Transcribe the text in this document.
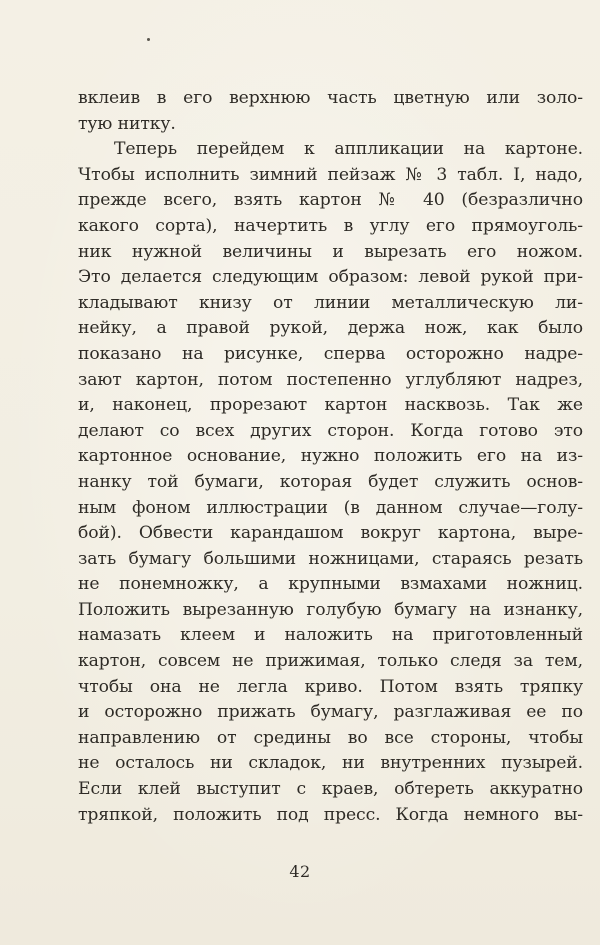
вклеив в его верхнюю часть цветную или золо-
тую нитку.
Теперь перейдем к аппликации на картоне.
Чтобы исполнить зимний пейзаж № 3 табл. I, надо,
прежде всего, взять картон № 40 (безразлично
какого сорта), начертить в углу его прямоуголь-
ник нужной величины и вырезать его ножом.
Это делается следующим образом: левой рукой при-
кладывают книзу от линии металлическую ли-
нейку, а правой рукой, держа нож, как было
показано на рисунке, сперва осторожно надре-
зают картон, потом постепенно углубляют надрез,
и, наконец, прорезают картон насквозь. Так же
делают со всех других сторон. Когда готово это
картонное основание, нужно положить его на из-
нанку той бумаги, которая будет служить основ-
ным фоном иллюстрации (в данном случае—голу-
бой). Обвести карандашом вокруг картона, выре-
зать бумагу большими ножницами, стараясь резать
не понемножку, а крупными взмахами ножниц.
Положить вырезанную голубую бумагу на изнанку,
намазать клеем и наложить на приготовленный
картон, совсем не прижимая, только следя за тем,
чтобы она не легла криво. Потом взять тряпку
и осторожно прижать бумагу, разглаживая ее по
направлению от средины во все стороны, чтобы
не осталось ни складок, ни внутренних пузырей.
Если клей выступит с краев, обтереть аккуратно
тряпкой, положить под пресс. Когда немного вы-
42
